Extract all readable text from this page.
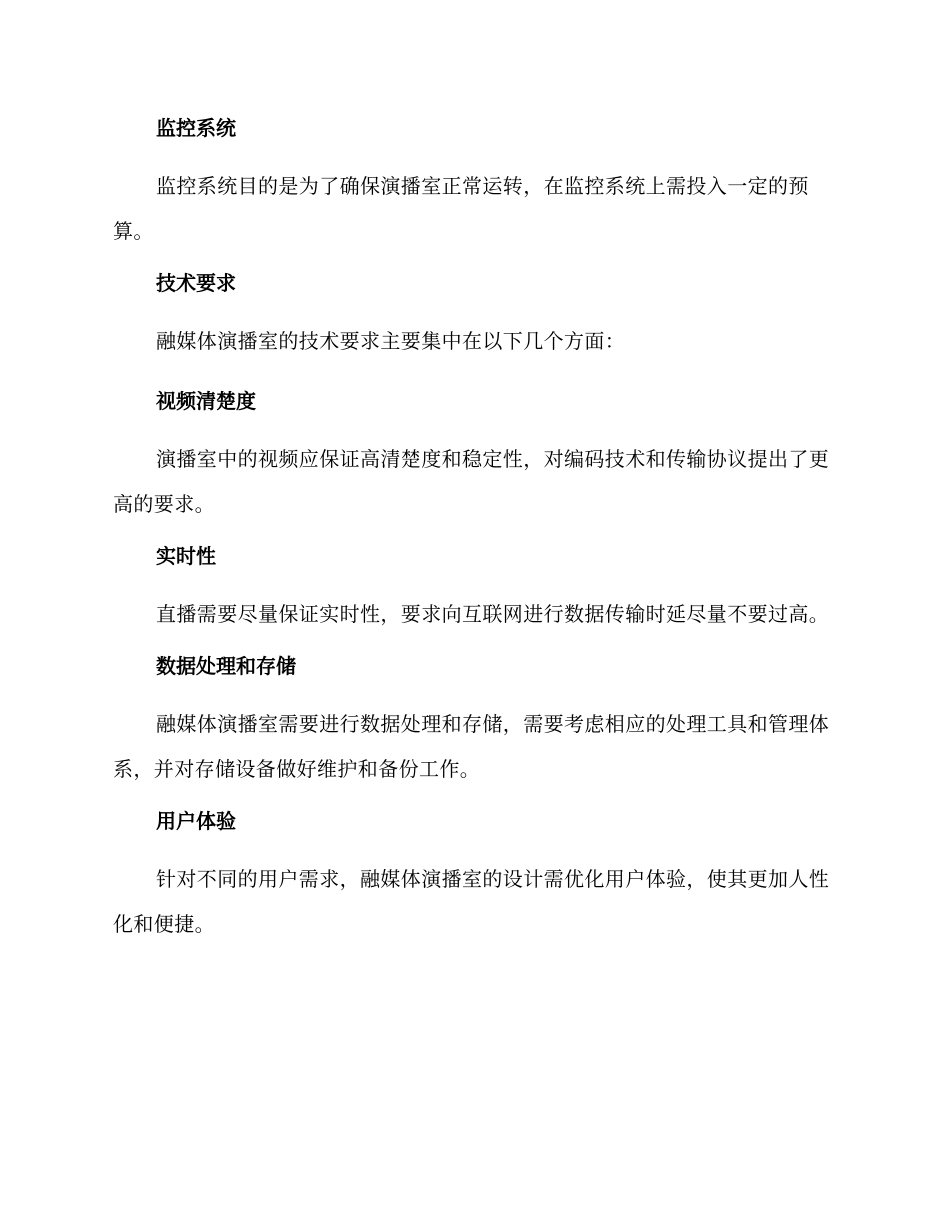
监控系统

监控系统目的是为了确保演播室正常运转，在监控系统上需投入一定的预算。

技术要求

融媒体演播室的技术要求主要集中在以下几个方面：

视频清楚度

演播室中的视频应保证高清楚度和稳定性，对编码技术和传输协议提出了更高的要求。

实时性

直播需要尽量保证实时性，要求向互联网进行数据传输时延尽量不要过高。

数据处理和存储

融媒体演播室需要进行数据处理和存储，需要考虑相应的处理工具和管理体系，并对存储设备做好维护和备份工作。

用户体验

针对不同的用户需求，融媒体演播室的设计需优化用户体验，使其更加人性化和便捷。
